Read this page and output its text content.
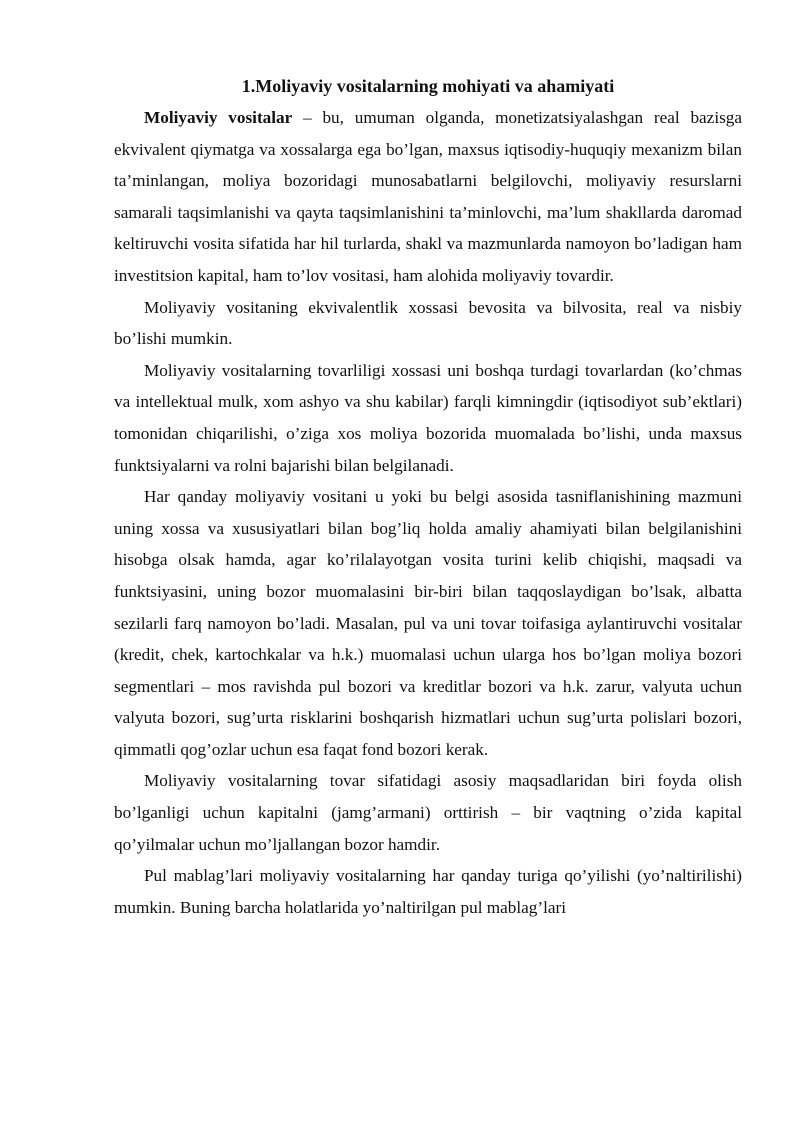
1.Moliyaviy vositalarning mohiyati va ahamiyati

Moliyaviy vositalar – bu, umuman olganda, monetizatsiyalashgan real bazisga ekvivalent qiymatga va xossalarga ega bo’lgan, maxsus iqtisodiy-huquqiy mexanizm bilan ta’minlangan, moliya bozoridagi munosabatlarni belgilovchi, moliyaviy resurslarni samarali taqsimlanishi va qayta taqsimlanishini ta’minlovchi, ma’lum shakllarda daromad keltiruvchi vosita sifatida har hil turlarda, shakl va mazmunlarda namoyon bo’ladigan ham investitsion kapital, ham to’lov vositasi, ham alohida moliyaviy tovardir.

Moliyaviy vositaning ekvivalentlik xossasi bevosita va bilvosita, real va nisbiy bo’lishi mumkin.

Moliyaviy vositalarning tovarliligi xossasi uni boshqa turdagi tovarlardan (ko’chmas va intellektual mulk, xom ashyo va shu kabilar) farqli kimningdir (iqtisodiyot sub’ektlari) tomonidan chiqarilishi, o’ziga xos moliya bozorida muomalada bo’lishi, unda maxsus funktsiyalarni va rolni bajarishi bilan belgilanadi.

Har qanday moliyaviy vositani u yoki bu belgi asosida tasniflanishining mazmuni uning xossa va xususiyatlari bilan bog’liq holda amaliy ahamiyati bilan belgilanishini hisobga olsak hamda, agar ko’rilalayotgan vosita turini kelib chiqishi, maqsadi va funktsiyasini, uning bozor muomalasini bir-biri bilan taqqoslaydigan bo’lsak, albatta sezilarli farq namoyon bo’ladi. Masalan, pul va uni tovar toifasiga aylantiruvchi vositalar (kredit, chek, kartochkalar va h.k.) muomalasi uchun ularga hos bo’lgan moliya bozori segmentlari – mos ravishda pul bozori va kreditlar bozori va h.k. zarur, valyuta uchun valyuta bozori, sug’urta risklarini boshqarish hizmatlari uchun sug’urta polislari bozori, qimmatli qog’ozlar uchun esa faqat fond bozori kerak.

Moliyaviy vositalarning tovar sifatidagi asosiy maqsadlaridan biri foyda olish bo’lganligi uchun kapitalni (jamg’armani) orttirish – bir vaqtning o’zida kapital qo’yilmalar uchun mo’ljallangan bozor hamdir.

Pul mablag’lari moliyaviy vositalarning har qanday turiga qo’yilishi (yo’naltirilishi) mumkin. Buning barcha holatlarida yo’naltirilgan pul mablag’lari
